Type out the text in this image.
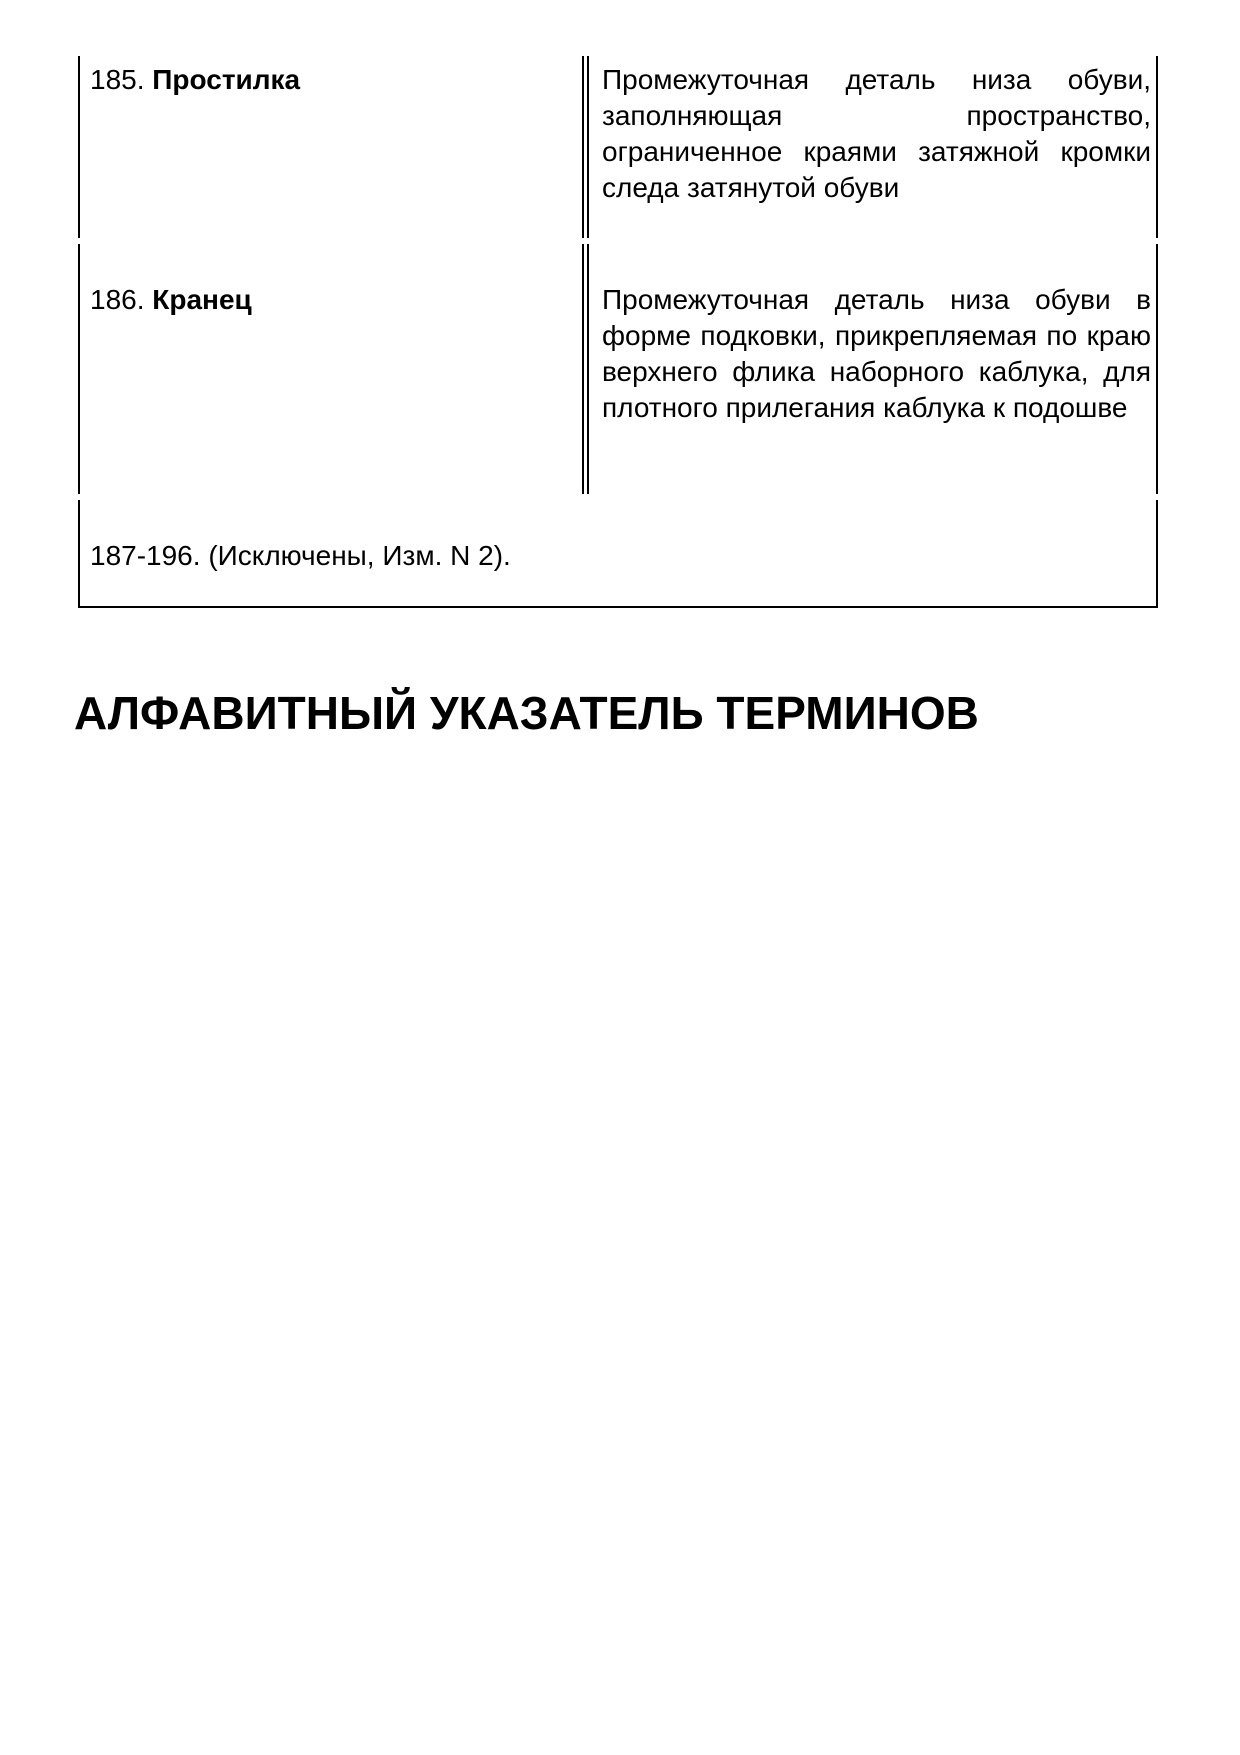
185. Простилка	Промежуточная деталь низа обуви, заполняющая пространство, ограниченное краями затяжной кромки следа затянутой обуви
186. Кранец	Промежуточная деталь низа обуви в форме подковки, прикрепляемая по краю верхнего флика наборного каблука, для плотного прилегания каблука к подошве
187-196. (Исключены, Изм. N 2).
АЛФАВИТНЫЙ УКАЗАТЕЛЬ ТЕРМИНОВ
